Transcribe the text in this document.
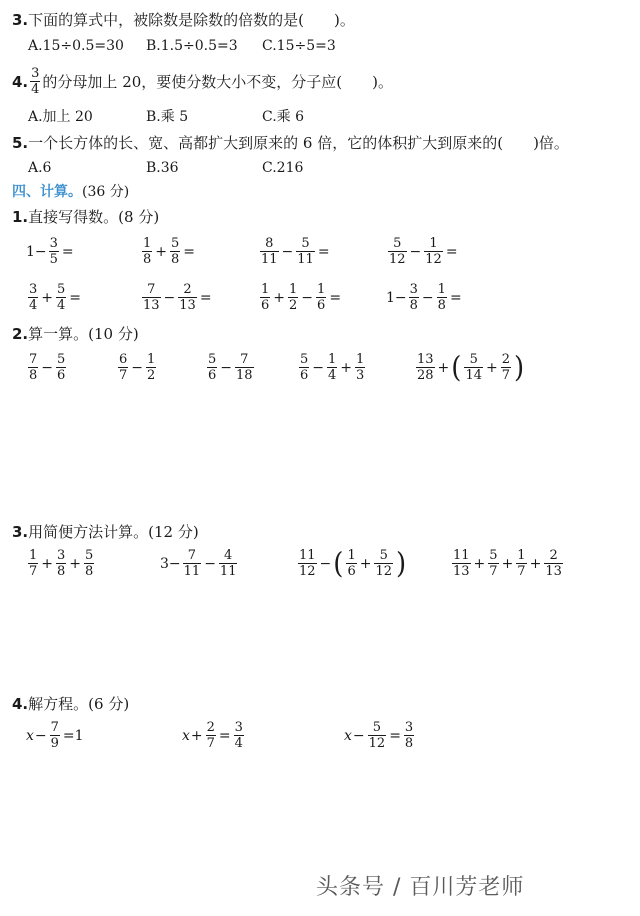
3.下面的算式中，被除数是除数的倍数的是(　　)。
A.15÷0.5=30 B.1.5÷0.5=3 C.15÷5=3
4. $\frac{3}{4}$ 的分母加上 20，要使分数大小不变，分子应(　　)。
A.加上 20	B.乘 5	C.乘 6
5.一个长方体的长、宽、高都扩大到原来的 6 倍，它的体积扩大到原来的(　　)倍。
A.6	B.36	C.216
四、计算。(36 分)
1.直接写得数。(8 分)
$1- \frac{3}{5}$ =	$\frac{1}{8} + \frac{5}{8}$ =	$\frac{8}{11} - \frac{5}{11}$ =	$\frac{5}{12} - \frac{1}{12}$ =
$\frac{3}{4} + \frac{5}{4}$ =	$\frac{7}{13} - \frac{2}{13}$ =	$\frac{1}{6} + \frac{1}{2} - \frac{1}{6}$ =	$1- \frac{3}{8} - \frac{1}{8}$ =
2.算一算。(10 分)
$\frac{7}{8} - \frac{5}{6}$	$\frac{6}{7} - \frac{1}{2}$	$\frac{5}{6} - \frac{7}{18}$	$\frac{5}{6} - \frac{1}{4} + \frac{1}{3}$	$\frac{13}{28}$ + ( $\frac{5}{14} + \frac{2}{7}$ )
3.用简便方法计算。(12 分)
$\frac{1}{7} + \frac{3}{8} + \frac{5}{8}$	$3- \frac{7}{11} - \frac{4}{11}$	$\frac{11}{12}$ − ( $\frac{1}{6} + \frac{5}{12}$ )	$\frac{11}{13} + \frac{5}{7} + \frac{1}{7} + \frac{2}{13}$
4.解方程。(6 分)
$x - \frac{7}{9} =1$	$x + \frac{2}{7} = \frac{3}{4}$	$x - \frac{5}{12} = \frac{3}{8}$
头条号 / 百川芳老师
